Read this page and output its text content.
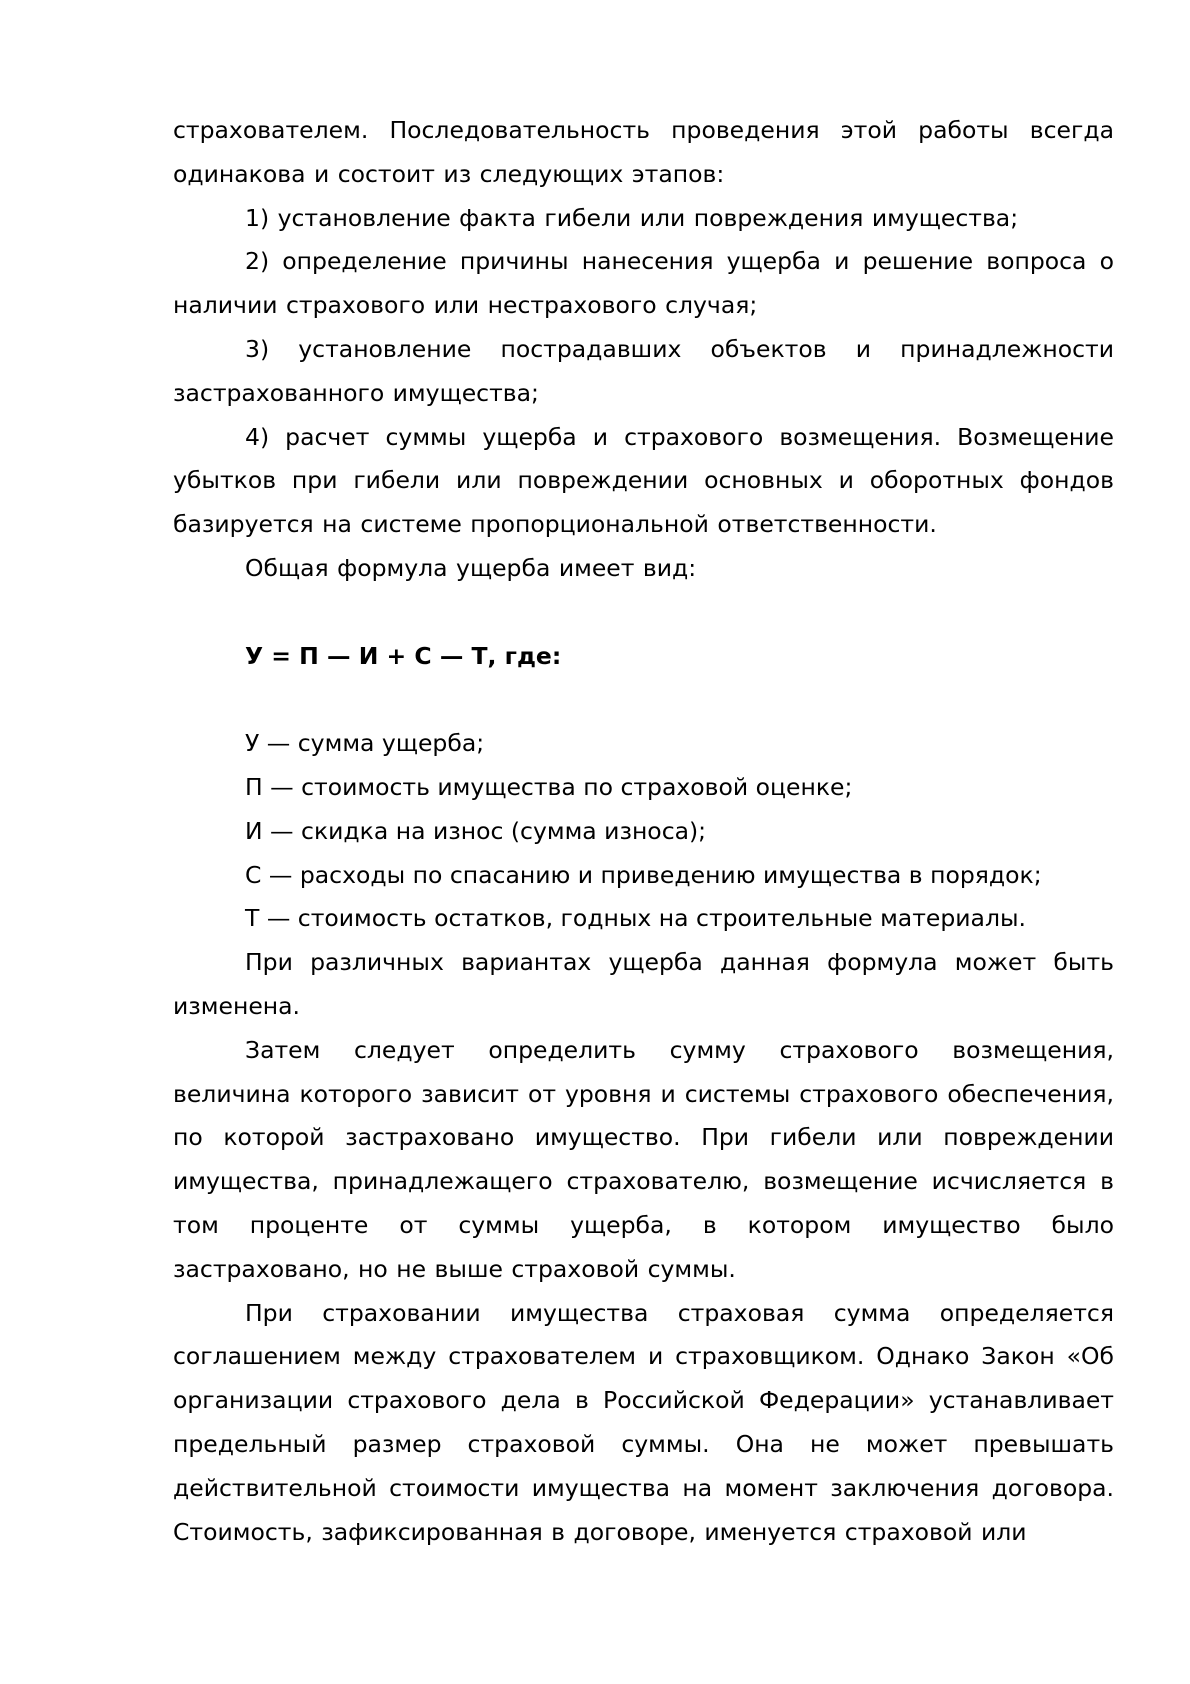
страхователем. Последовательность проведения этой работы всегда одинакова и состоит из следующих этапов:

1) установление факта гибели или повреждения имущества;

2) определение причины нанесения ущерба и решение вопроса о наличии страхового или нестрахового случая;

3) установление пострадавших объектов и принадлежности застрахованного имущества;

4) расчет суммы ущерба и страхового возмещения. Возмещение убытков при гибели или повреждении основных и оборотных фондов базируется на системе пропорциональной ответственности.

Общая формула ущерба имеет вид:

У = П — И + С — Т, где:

У — сумма ущерба;

П — стоимость имущества по страховой оценке;

И — скидка на износ (сумма износа);

С — расходы по спасанию и приведению имущества в порядок;

Т — стоимость остатков, годных на строительные материалы.

При различных вариантах ущерба данная формула может быть изменена.

Затем следует определить сумму страхового возмещения, величина которого зависит от уровня и системы страхового обеспечения, по которой застраховано имущество. При гибели или повреждении имущества, принадлежащего страхователю, возмещение исчисляется в том проценте от суммы ущерба, в котором имущество было застраховано, но не выше страховой суммы.

При страховании имущества страховая сумма определяется соглашением между страхователем и страховщиком. Однако Закон «Об организации страхового дела в Российской Федерации» устанавливает предельный размер страховой суммы. Она не может превышать действительной стоимости имущества на момент заключения договора. Стоимость, зафиксированная в договоре, именуется страховой или
